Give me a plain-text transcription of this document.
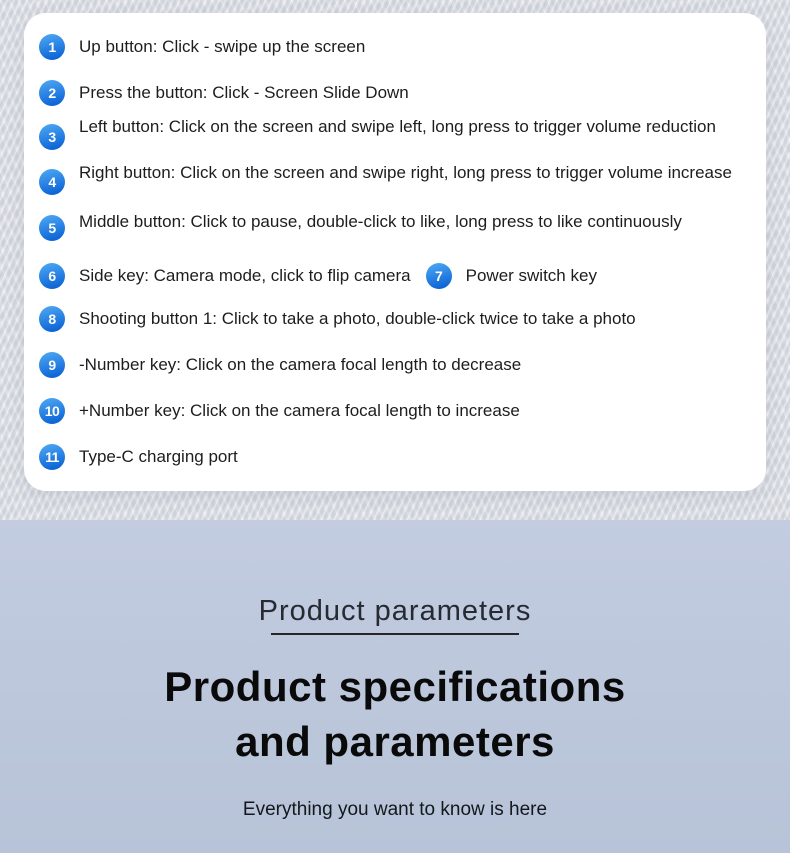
1	Up button: Click - swipe up the screen
2	Press the button: Click - Screen Slide Down
3
Left button: Click on the screen and swipe left, long press to trigger volume reduction
4	Right button: Click on the screen and swipe right, long press to trigger volume increase
5	Middle button: Click to pause, double-click to like, long press to like continuously
6	Side key: Camera mode, click to flip camera	7	Power switch key
8	Shooting button 1: Click to take a photo, double-click twice to take a photo
9	-Number key: Click on the camera focal length to decrease
10	+Number key: Click on the camera focal length to increase
11	Type-C charging port
Product parameters
Product specifications
and parameters
Everything you want to know is here
